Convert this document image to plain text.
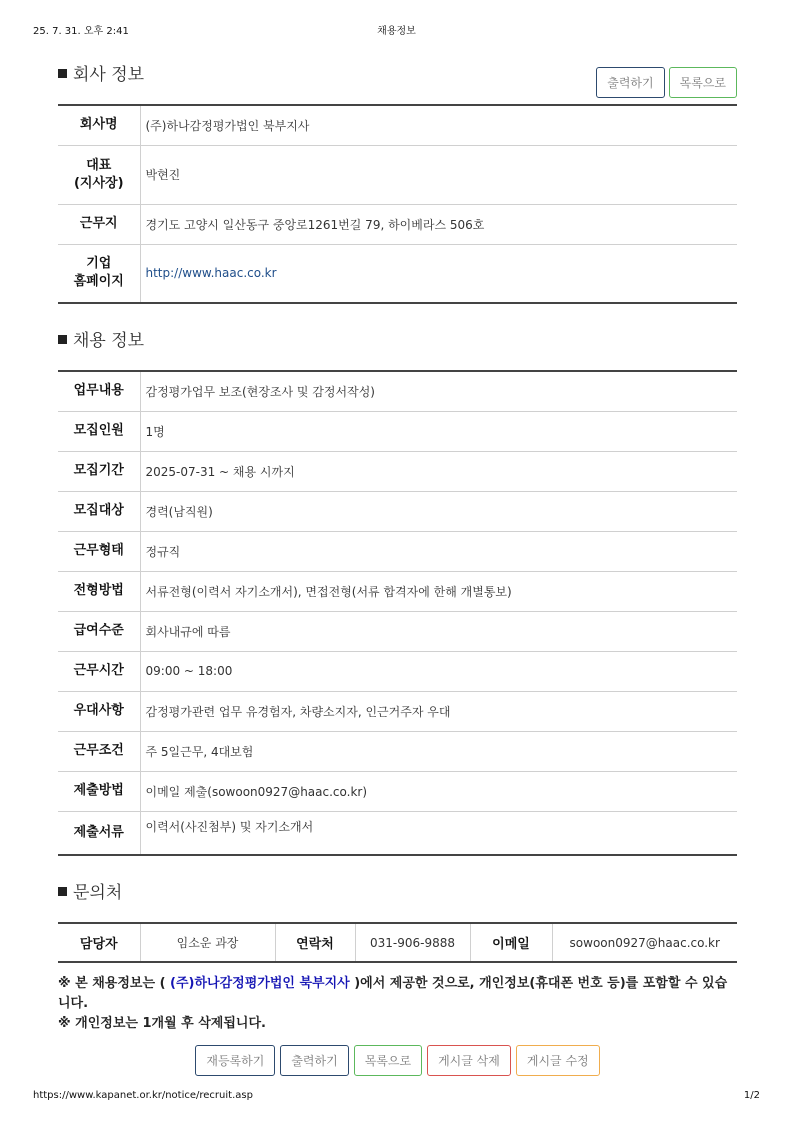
25. 7. 31. 오후 2:41	채용정보
회사 정보	출력하기	목록으로
회사명	(주)하나감정평가법인 북부지사
대표
(지사장)	박현진
근무지	경기도 고양시 일산동구 중앙로1261번길 79, 하이베라스 506호
기업
홈페이지	http://www.haac.co.kr
채용 정보
업무내용	감정평가업무 보조(현장조사 및 감정서작성)
모집인원	1명
모집기간	2025-07-31 ~ 채용 시까지
모집대상	경력(남직원)
근무형태	정규직
전형방법	서류전형(이력서 자기소개서), 면접전형(서류 합격자에 한해 개별통보)
급여수준	회사내규에 따름
근무시간	09:00 ~ 18:00
우대사항	감정평가관련 업무 유경험자, 차량소지자, 인근거주자 우대
근무조건	주 5일근무, 4대보험
제출방법	이메일 제출(sowoon0927@haac.co.kr)
제출서류	이력서(사진첨부) 및 자기소개서
문의처
담당자	임소운 과장	연락처	031-906-9888	이메일	sowoon0927@haac.co.kr
※ 본 채용정보는 ( (주)하나감정평가법인 북부지사 )에서 제공한 것으로, 개인정보(휴대폰 번호 등)를 포함할 수 있습니다.
※ 개인정보는 1개월 후 삭제됩니다.
재등록하기	출력하기	목록으로	게시글 삭제	게시글 수정
https://www.kapanet.or.kr/notice/recruit.asp	1/2
